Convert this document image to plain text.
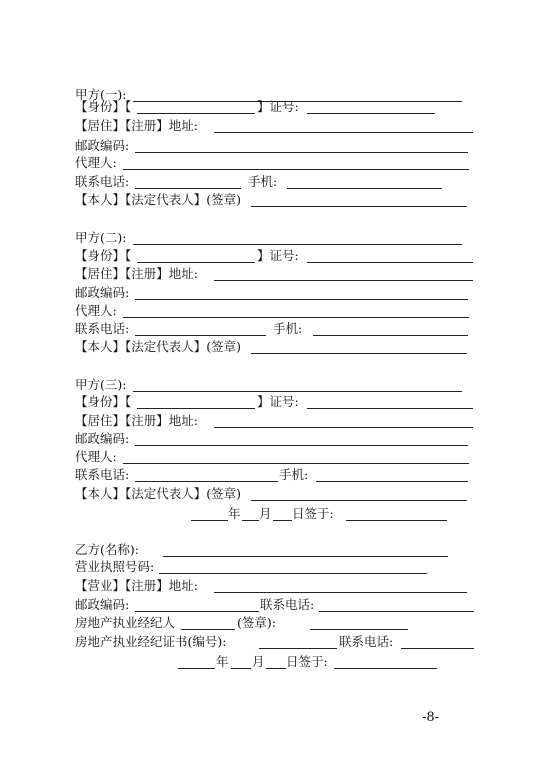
甲方(一):
【身份】【	】证号:
【居住】【注册】地址:
邮政编码:
代理人:
联系电话:	手机:
【本人】【法定代表人】(签章)
甲方(二):
【身份】【	】证号:
【居住】【注册】地址:
邮政编码:
代理人:
联系电话:	手机:
【本人】【法定代表人】(签章)
甲方(三):
【身份】【	】证号:
【居住】【注册】地址:
邮政编码:
代理人:
联系电话:	手机:
【本人】【法定代表人】(签章)
年 月 日签于:
乙方(名称):
营业执照号码:
【营业】【注册】地址:
邮政编码:	联系电话:
房地产执业经纪人	(签章):
房地产执业经纪证书(编号):	联系电话:
年 月 日签于:
-8-
